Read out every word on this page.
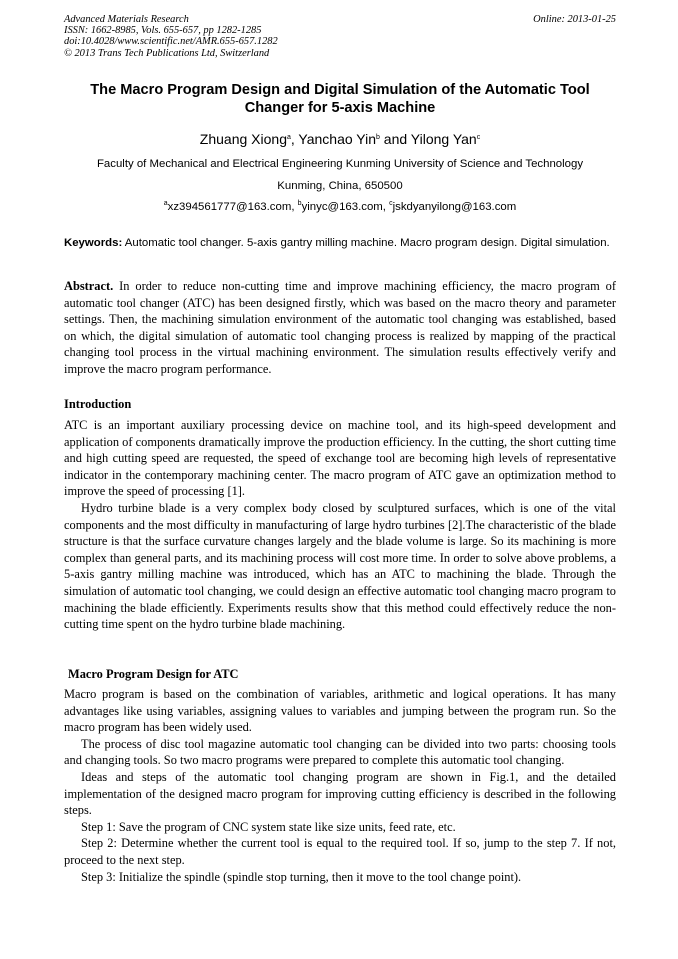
Advanced Materials Research
ISSN: 1662-8985, Vols. 655-657, pp 1282-1285
doi:10.4028/www.scientific.net/AMR.655-657.1282
© 2013 Trans Tech Publications Ltd, Switzerland
Online: 2013-01-25
The Macro Program Design and Digital Simulation of the Automatic Tool Changer for 5-axis Machine
Zhuang Xiong$^a$, Yanchao Yin$^b$ and Yilong Yan$^c$
Faculty of Mechanical and Electrical Engineering Kunming University of Science and Technology
Kunming, China, 650500
$^a$xz394561777@163.com, $^b$yinyc@163.com, $^c$jskdyanyilong@163.com
Keywords: Automatic tool changer. 5-axis gantry milling machine. Macro program design. Digital simulation.
Abstract. In order to reduce non-cutting time and improve machining efficiency, the macro program of automatic tool changer (ATC) has been designed firstly, which was based on the macro theory and parameter settings. Then, the machining simulation environment of the automatic tool changing was established, based on which, the digital simulation of automatic tool changing process is realized by mapping of the practical changing tool process in the virtual machining environment. The simulation results effectively verify and improve the macro program performance.
Introduction

ATC is an important auxiliary processing device on machine tool, and its high-speed development and application of components dramatically improve the production efficiency. In the cutting, the short cutting time and high cutting speed are requested, the speed of exchange tool are becoming high levels of representative indicator in the contemporary machining center. The macro program of ATC gave an optimization method to improve the speed of processing [1].

Hydro turbine blade is a very complex body closed by sculptured surfaces, which is one of the vital components and the most difficulty in manufacturing of large hydro turbines [2].The characteristic of the blade structure is that the surface curvature changes largely and the blade volume is large. So its machining is more complex than general parts, and its machining process will cost more time. In order to solve above problems, a 5-axis gantry milling machine was introduced, which has an ATC to machining the blade. Through the simulation of automatic tool changing, we could design an effective automatic tool changing macro program to machining the blade efficiently. Experiments results show that this method could effectively reduce the non-cutting time spent on the hydro turbine blade machining.

Macro Program Design for ATC

Macro program is based on the combination of variables, arithmetic and logical operations. It has many advantages like using variables, assigning values to variables and jumping between the program run. So the macro program has been widely used.

The process of disc tool magazine automatic tool changing can be divided into two parts: choosing tools and changing tools. So two macro programs were prepared to complete this automatic tool changing.

Ideas and steps of the automatic tool changing program are shown in Fig.1, and the detailed implementation of the designed macro program for improving cutting efficiency is described in the following steps.

Step 1: Save the program of CNC system state like size units, feed rate, etc.

Step 2: Determine whether the current tool is equal to the required tool. If so, jump to the step 7. If not, proceed to the next step.

Step 3: Initialize the spindle (spindle stop turning, then it move to the tool change point).
